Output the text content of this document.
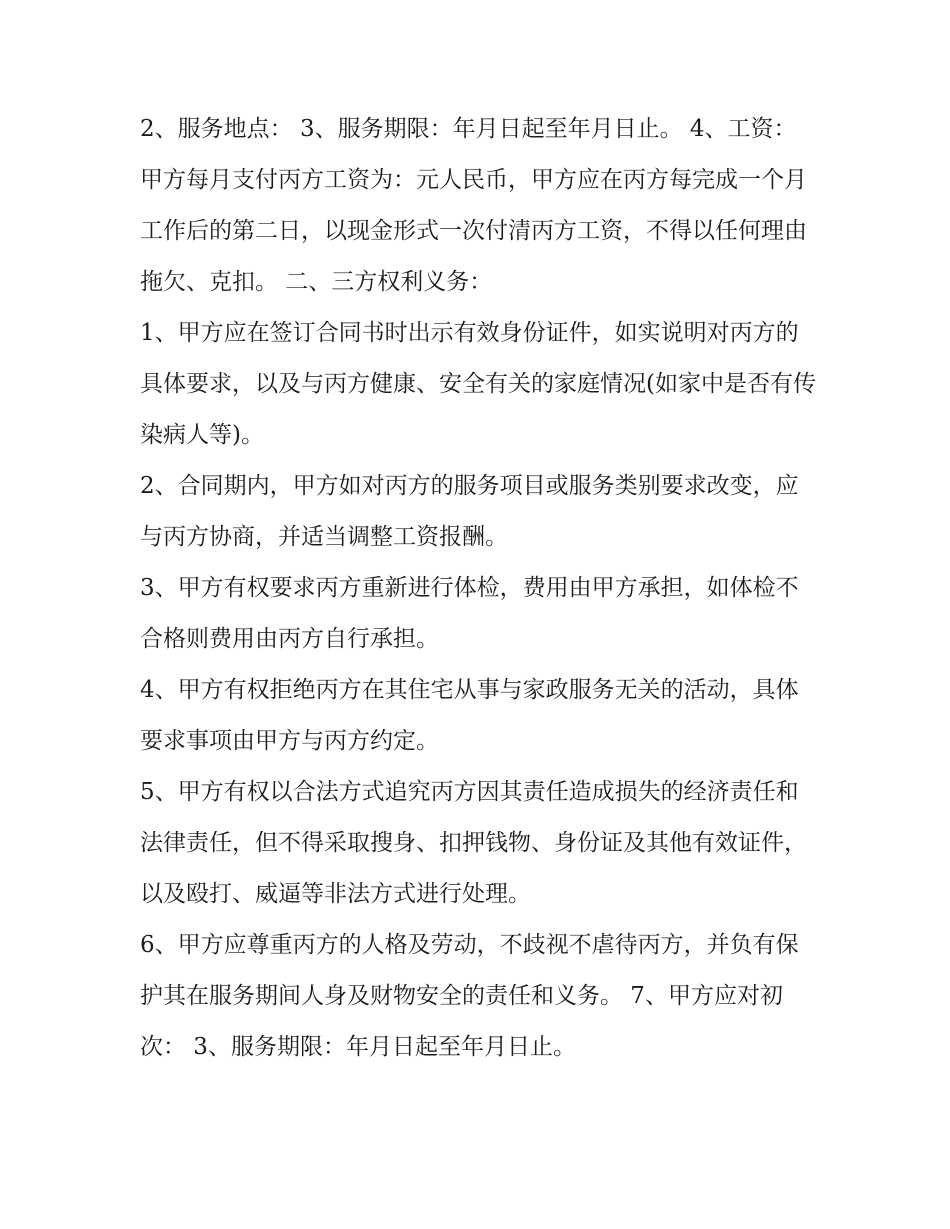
2、服务地点： 3、服务期限：年月日起至年月日止。 4、工资：

甲方每月支付丙方工资为：元人民币，甲方应在丙方每完成一个月工作后的第二日，以现金形式一次付清丙方工资，不得以任何理由拖欠、克扣。 二、三方权利义务：

1、甲方应在签订合同书时出示有效身份证件，如实说明对丙方的具体要求，以及与丙方健康、安全有关的家庭情况(如家中是否有传染病人等)。

2、合同期内，甲方如对丙方的服务项目或服务类别要求改变，应与丙方协商，并适当调整工资报酬。

3、甲方有权要求丙方重新进行体检，费用由甲方承担，如体检不合格则费用由丙方自行承担。

4、甲方有权拒绝丙方在其住宅从事与家政服务无关的活动，具体要求事项由甲方与丙方约定。

5、甲方有权以合法方式追究丙方因其责任造成损失的经济责任和法律责任，但不得采取搜身、扣押钱物、身份证及其他有效证件，以及殴打、威逼等非法方式进行处理。

6、甲方应尊重丙方的人格及劳动，不歧视不虐待丙方，并负有保护其在服务期间人身及财物安全的责任和义务。 7、甲方应对初次： 3、服务期限：年月日起至年月日止。
